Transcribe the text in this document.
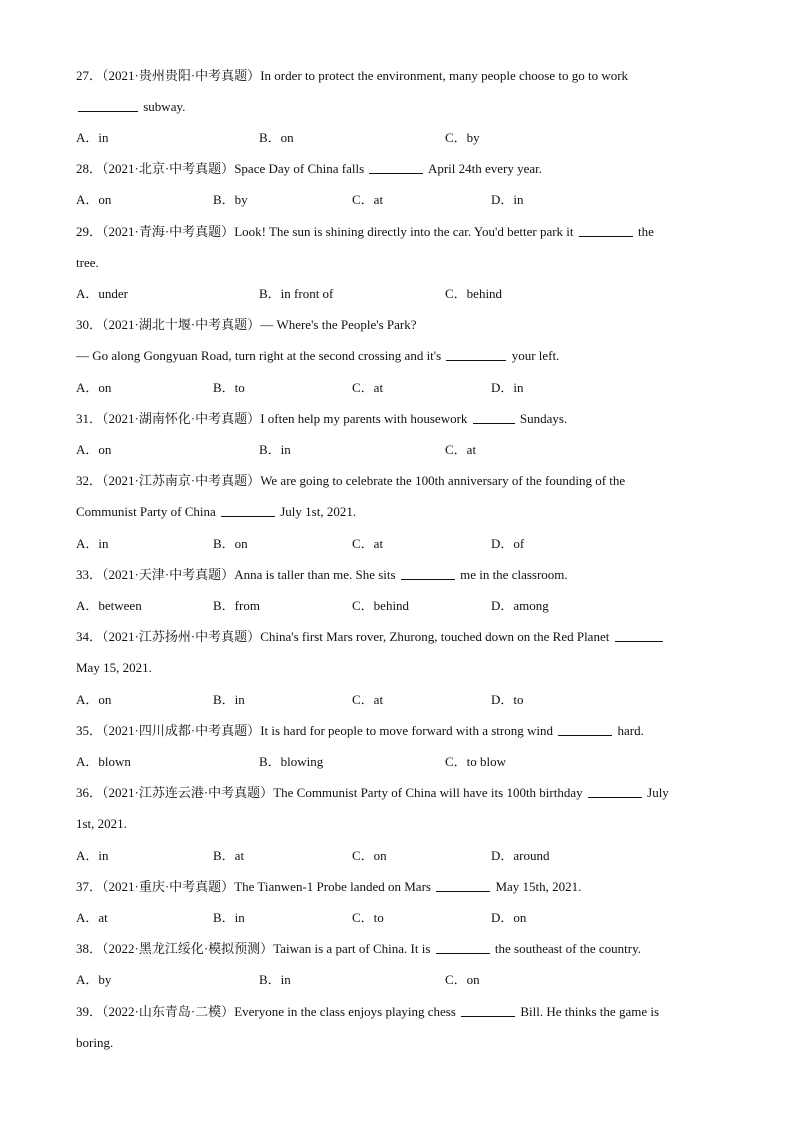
27．（2021·贵州贵阳·中考真题）In order to protect the environment, many people choose to go to work
subway.
A．in	B．on	C．by
28．（2021·北京·中考真题）Space Day of China falls	April 24th every year.
A．on	B．by	C．at	D．in
29．（2021·青海·中考真题）Look! The sun is shining directly into the car. You'd better park it	the
tree.
A．under	B．in front of	C．behind
30．（2021·湖北十堰·中考真题）— Where's the People's Park?
— Go along Gongyuan Road, turn right at the second crossing and it's	your left.
A．on	B．to	C．at	D．in
31．（2021·湖南怀化·中考真题）I often help my parents with housework	Sundays.
A．on	B．in	C．at
32．（2021·江苏南京·中考真题）We are going to celebrate the 100th anniversary of the founding of the
Communist Party of China	July 1st, 2021.
A．in	B．on	C．at	D．of
33．（2021·天津·中考真题）Anna is taller than me. She sits	me in the classroom.
A．between	B．from	C．behind	D．among
34．（2021·江苏扬州·中考真题）China's first Mars rover, Zhurong, touched down on the Red Planet
May 15, 2021.
A．on	B．in	C．at	D．to
35．（2021·四川成都·中考真题）It is hard for people to move forward with a strong wind	hard.
A．blown	B．blowing	C．to blow
36．（2021·江苏连云港·中考真题）The Communist Party of China will have its 100th birthday	July
1st, 2021.
A．in	B．at	C．on	D．around
37．（2021·重庆·中考真题）The Tianwen-1 Probe landed on Mars	May 15th, 2021.
A．at	B．in	C．to	D．on
38．（2022·黑龙江绥化·模拟预测）Taiwan is a part of China. It is	the southeast of the country.
A．by	B．in	C．on
39．（2022·山东青岛·二模）Everyone in the class enjoys playing chess	Bill. He thinks the game is
boring.
